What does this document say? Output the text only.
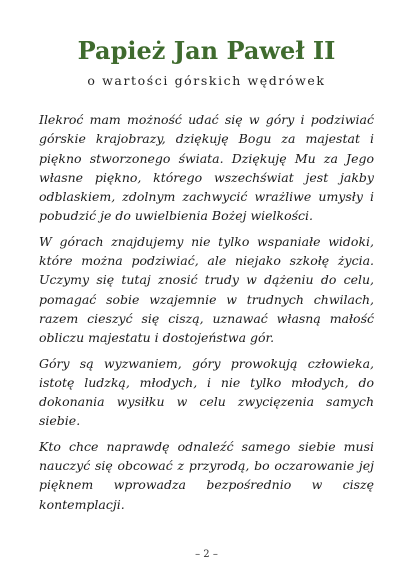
Papież Jan Paweł II
o wartości górskich wędrówek

Ilekroć mam możność udać się w góry i podziwiać górskie krajobrazy, dziękuję Bogu za majestat i piękno stworzonego świata. Dziękuję Mu za Jego własne piękno, którego wszechświat jest jakby odblaskiem, zdolnym zachwycić wrażliwe umysły i pobudzić je do uwielbienia Bożej wielkości.

W górach znajdujemy nie tylko wspaniałe widoki, które można podziwiać, ale niejako szkołę życia. Uczymy się tutaj znosić trudy w dążeniu do celu, pomagać sobie wzajemnie w trudnych chwilach, razem cieszyć się ciszą, uznawać własną małość obliczu majestatu i dostojeństwa gór.

Góry są wyzwaniem, góry prowokują człowieka, istotę ludzką, młodych, i nie tylko młodych, do dokonania wysiłku w celu zwycięzenia samych siebie.

Kto chce naprawdę odnaleźć samego siebie musi nauczyć się obcować z przyrodą, bo oczarowanie jej pięknem wprowadza bezpośrednio w ciszę kontemplacji.

– 2 –
